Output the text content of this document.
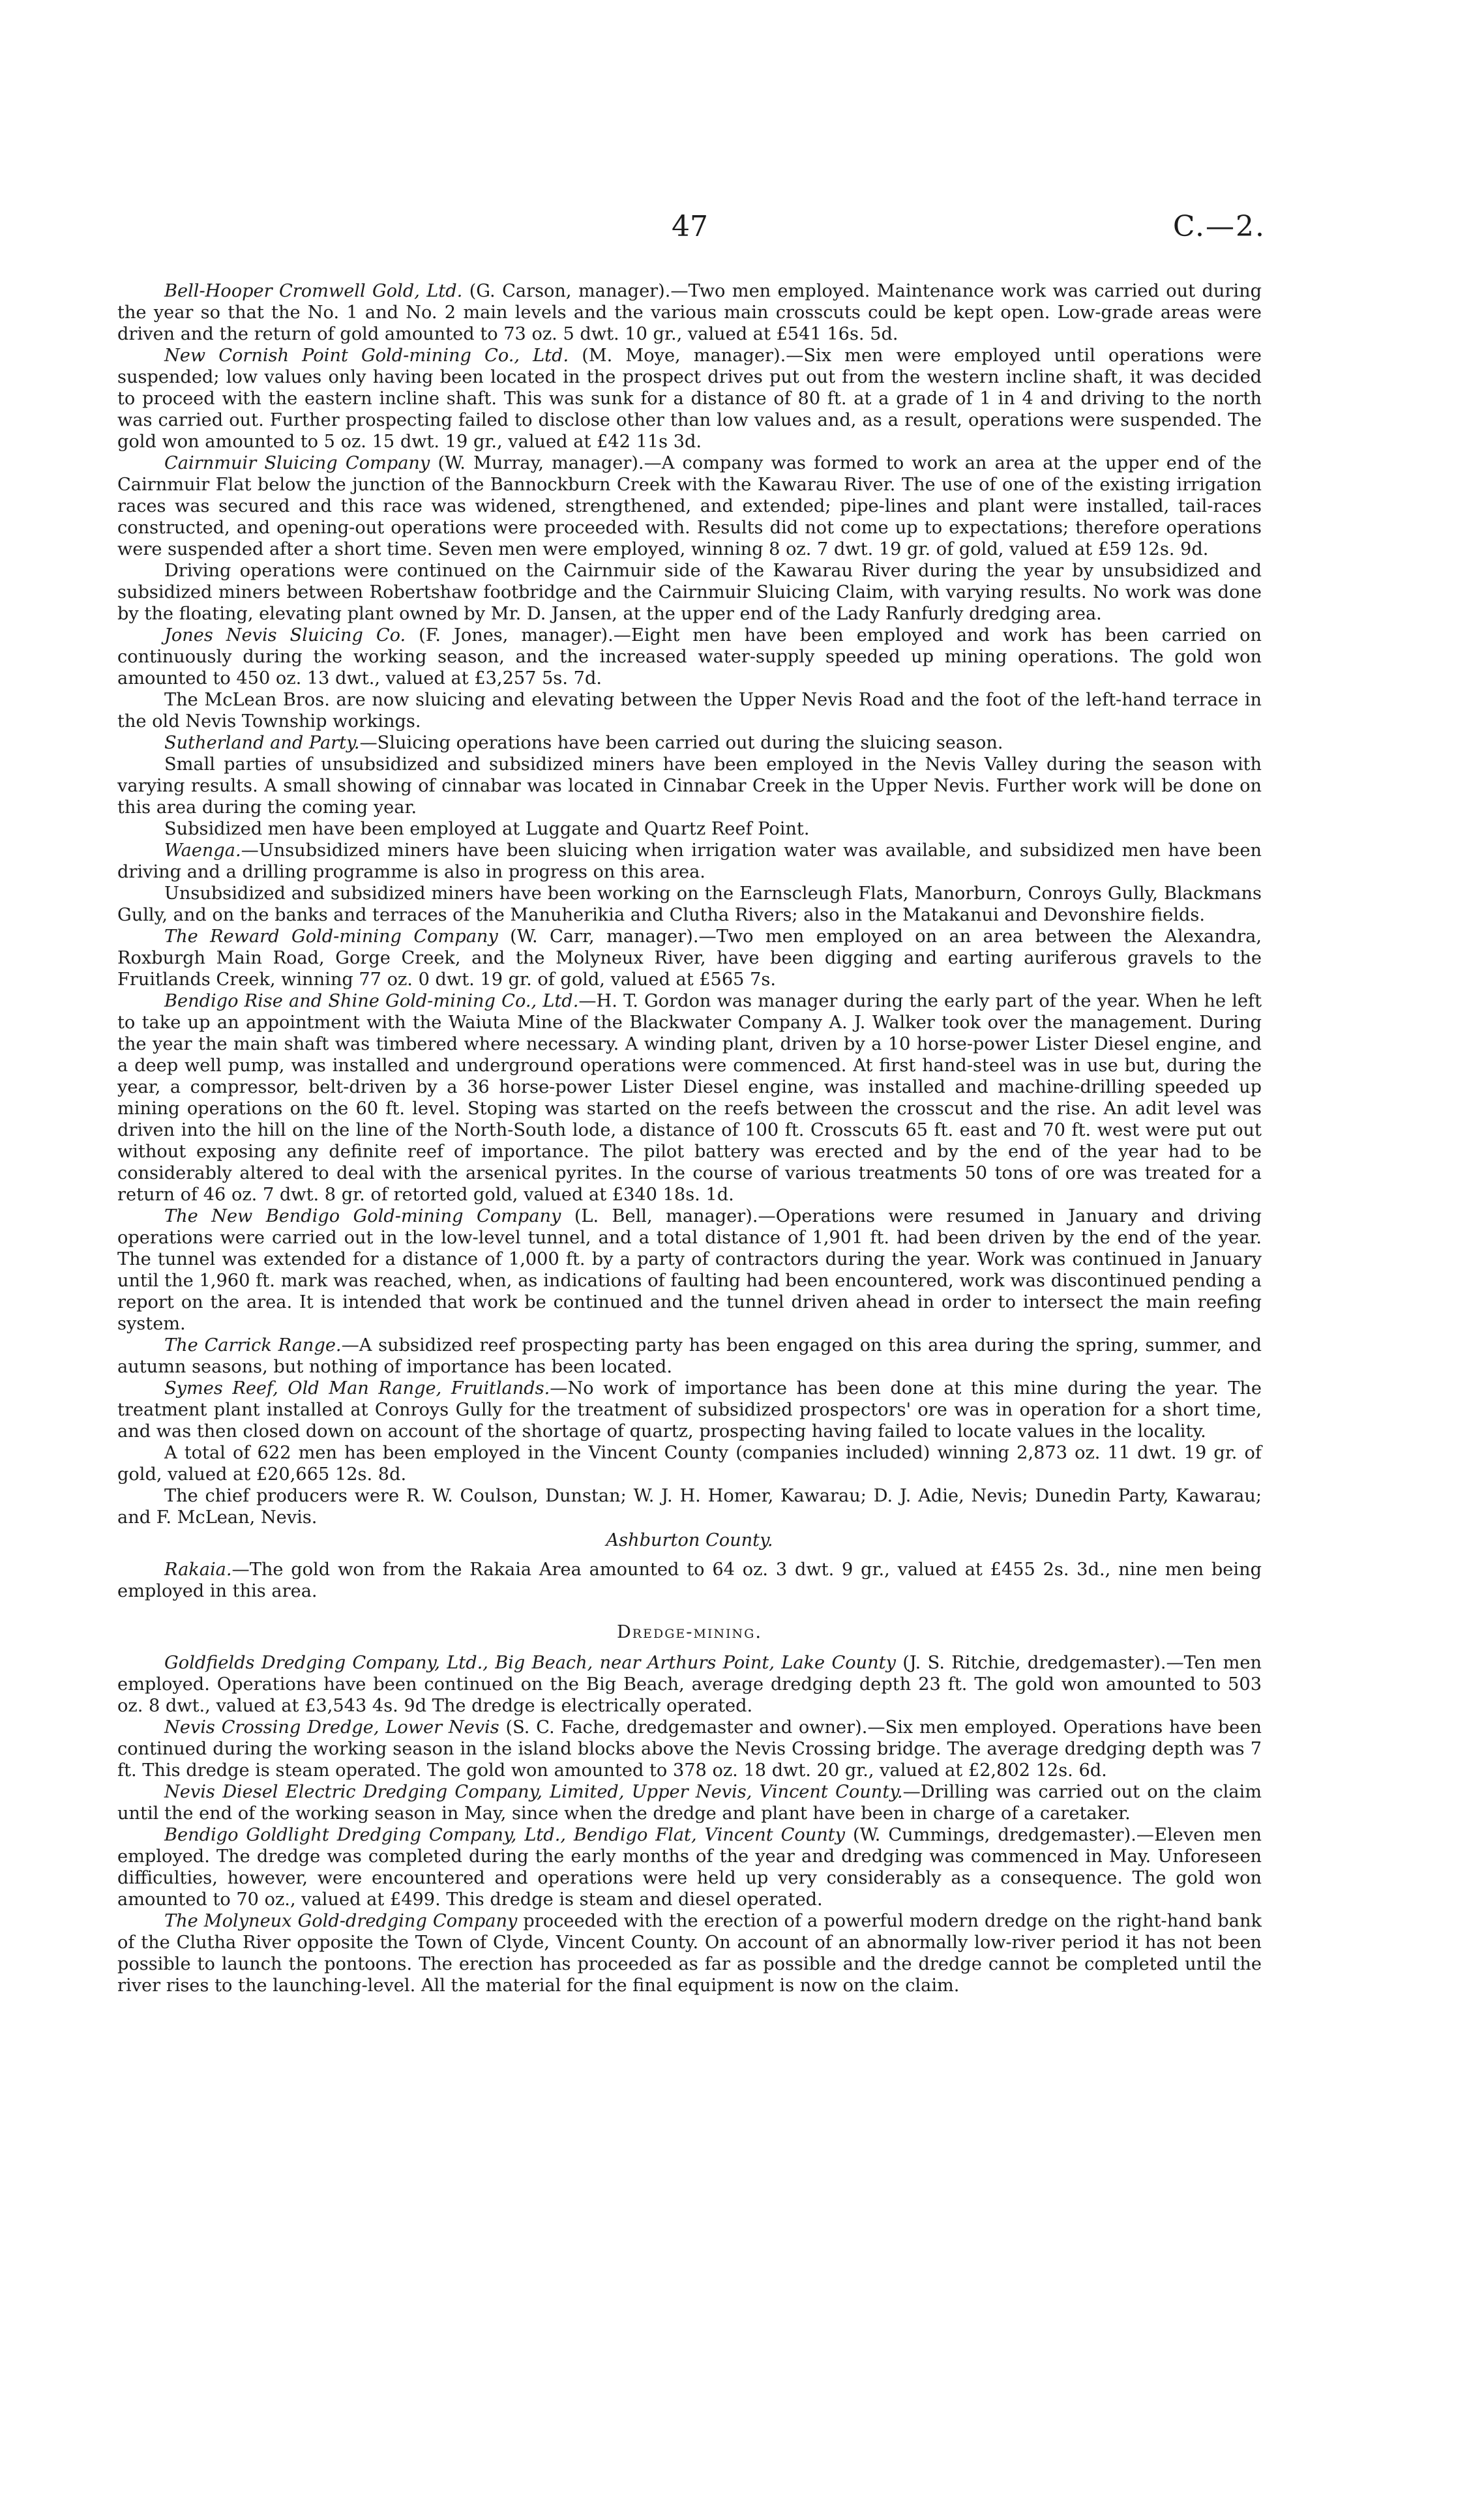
47	C.—2.

Bell-Hooper Cromwell Gold, Ltd. (G. Carson, manager).—Two men employed. Maintenance work was carried out during the year so that the No. 1 and No. 2 main levels and the various main crosscuts could be kept open. Low-grade areas were driven and the return of gold amounted to 73 oz. 5 dwt. 10 gr., valued at £541 16s. 5d.

New Cornish Point Gold-mining Co., Ltd. (M. Moye, manager).—Six men were employed until operations were suspended; low values only having been located in the prospect drives put out from the western incline shaft, it was decided to proceed with the eastern incline shaft. This was sunk for a distance of 80 ft. at a grade of 1 in 4 and driving to the north was carried out. Further prospecting failed to disclose other than low values and, as a result, operations were suspended. The gold won amounted to 5 oz. 15 dwt. 19 gr., valued at £42 11s 3d.

Cairnmuir Sluicing Company (W. Murray, manager).—A company was formed to work an area at the upper end of the Cairnmuir Flat below the junction of the Bannockburn Creek with the Kawarau River. The use of one of the existing irrigation races was secured and this race was widened, strengthened, and extended; pipe-lines and plant were installed, tail-races constructed, and opening-out operations were proceeded with. Results did not come up to expectations; therefore operations were suspended after a short time. Seven men were employed, winning 8 oz. 7 dwt. 19 gr. of gold, valued at £59 12s. 9d.

Driving operations were continued on the Cairnmuir side of the Kawarau River during the year by unsubsidized and subsidized miners between Robertshaw footbridge and the Cairnmuir Sluicing Claim, with varying results. No work was done by the floating, elevating plant owned by Mr. D. Jansen, at the upper end of the Lady Ranfurly dredging area.

Jones Nevis Sluicing Co. (F. Jones, manager).—Eight men have been employed and work has been carried on continuously during the working season, and the increased water-supply speeded up mining operations. The gold won amounted to 450 oz. 13 dwt., valued at £3,257 5s. 7d.

The McLean Bros. are now sluicing and elevating between the Upper Nevis Road and the foot of the left-hand terrace in the old Nevis Township workings.

Sutherland and Party.—Sluicing operations have been carried out during the sluicing season.

Small parties of unsubsidized and subsidized miners have been employed in the Nevis Valley during the season with varying results. A small showing of cinnabar was located in Cinnabar Creek in the Upper Nevis. Further work will be done on this area during the coming year.

Subsidized men have been employed at Luggate and Quartz Reef Point.

Waenga.—Unsubsidized miners have been sluicing when irrigation water was available, and subsidized men have been driving and a drilling programme is also in progress on this area.

Unsubsidized and subsidized miners have been working on the Earnscleugh Flats, Manorburn, Conroys Gully, Blackmans Gully, and on the banks and terraces of the Manuherikia and Clutha Rivers; also in the Matakanui and Devonshire fields.

The Reward Gold-mining Company (W. Carr, manager).—Two men employed on an area between the Alexandra, Roxburgh Main Road, Gorge Creek, and the Molyneux River, have been digging and earting auriferous gravels to the Fruitlands Creek, winning 77 oz. 0 dwt. 19 gr. of gold, valued at £565 7s.

Bendigo Rise and Shine Gold-mining Co., Ltd.—H. T. Gordon was manager during the early part of the year. When he left to take up an appointment with the Waiuta Mine of the Blackwater Company A. J. Walker took over the management. During the year the main shaft was timbered where necessary. A winding plant, driven by a 10 horse-power Lister Diesel engine, and a deep well pump, was installed and underground operations were commenced. At first hand-steel was in use but, during the year, a compressor, belt-driven by a 36 horse-power Lister Diesel engine, was installed and machine-drilling speeded up mining operations on the 60 ft. level. Stoping was started on the reefs between the crosscut and the rise. An adit level was driven into the hill on the line of the North-South lode, a distance of 100 ft. Crosscuts 65 ft. east and 70 ft. west were put out without exposing any definite reef of importance. The pilot battery was erected and by the end of the year had to be considerably altered to deal with the arsenical pyrites. In the course of various treatments 50 tons of ore was treated for a return of 46 oz. 7 dwt. 8 gr. of retorted gold, valued at £340 18s. 1d.

The New Bendigo Gold-mining Company (L. Bell, manager).—Operations were resumed in January and driving operations were carried out in the low-level tunnel, and a total distance of 1,901 ft. had been driven by the end of the year. The tunnel was extended for a distance of 1,000 ft. by a party of contractors during the year. Work was continued in January until the 1,960 ft. mark was reached, when, as indications of faulting had been encountered, work was discontinued pending a report on the area. It is intended that work be continued and the tunnel driven ahead in order to intersect the main reefing system.

The Carrick Range.—A subsidized reef prospecting party has been engaged on this area during the spring, summer, and autumn seasons, but nothing of importance has been located.

Symes Reef, Old Man Range, Fruitlands.—No work of importance has been done at this mine during the year. The treatment plant installed at Conroys Gully for the treatment of subsidized prospectors' ore was in operation for a short time, and was then closed down on account of the shortage of quartz, prospecting having failed to locate values in the locality.

A total of 622 men has been employed in the Vincent County (companies included) winning 2,873 oz. 11 dwt. 19 gr. of gold, valued at £20,665 12s. 8d.

The chief producers were R. W. Coulson, Dunstan; W. J. H. Homer, Kawarau; D. J. Adie, Nevis; Dunedin Party, Kawarau; and F. McLean, Nevis.

Ashburton County.

Rakaia.—The gold won from the Rakaia Area amounted to 64 oz. 3 dwt. 9 gr., valued at £455 2s. 3d., nine men being employed in this area.

Dredge-mining.

Goldfields Dredging Company, Ltd., Big Beach, near Arthurs Point, Lake County (J. S. Ritchie, dredgemaster).—Ten men employed. Operations have been continued on the Big Beach, average dredging depth 23 ft. The gold won amounted to 503 oz. 8 dwt., valued at £3,543 4s. 9d The dredge is electrically operated.

Nevis Crossing Dredge, Lower Nevis (S. C. Fache, dredgemaster and owner).—Six men employed. Operations have been continued during the working season in the island blocks above the Nevis Crossing bridge. The average dredging depth was 7 ft. This dredge is steam operated. The gold won amounted to 378 oz. 18 dwt. 20 gr., valued at £2,802 12s. 6d.

Nevis Diesel Electric Dredging Company, Limited, Upper Nevis, Vincent County.—Drilling was carried out on the claim until the end of the working season in May, since when the dredge and plant have been in charge of a caretaker.

Bendigo Goldlight Dredging Company, Ltd., Bendigo Flat, Vincent County (W. Cummings, dredgemaster).—Eleven men employed. The dredge was completed during the early months of the year and dredging was commenced in May. Unforeseen difficulties, however, were encountered and operations were held up very considerably as a consequence. The gold won amounted to 70 oz., valued at £499. This dredge is steam and diesel operated.

The Molyneux Gold-dredging Company proceeded with the erection of a powerful modern dredge on the right-hand bank of the Clutha River opposite the Town of Clyde, Vincent County. On account of an abnormally low-river period it has not been possible to launch the pontoons. The erection has proceeded as far as possible and the dredge cannot be completed until the river rises to the launching-level. All the material for the final equipment is now on the claim.
